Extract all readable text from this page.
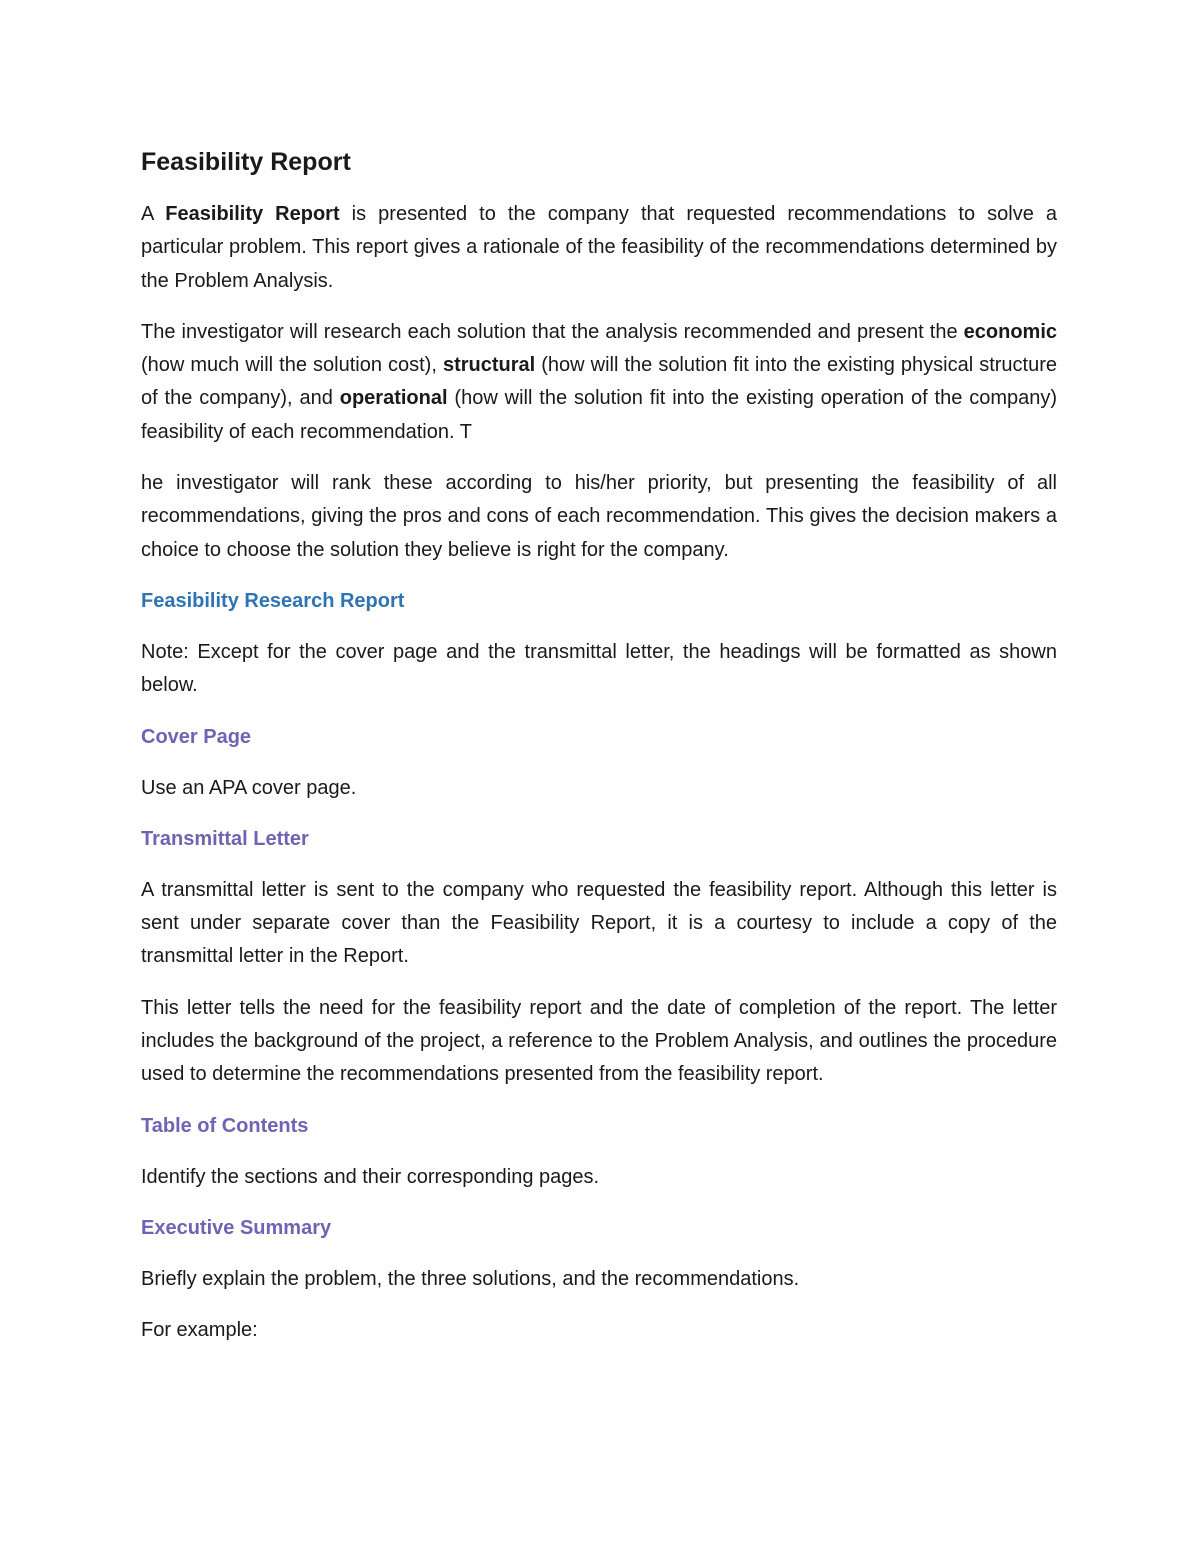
Feasibility Report

A Feasibility Report is presented to the company that requested recommendations to solve a particular problem. This report gives a rationale of the feasibility of the recommendations determined by the Problem Analysis.

The investigator will research each solution that the analysis recommended and present the economic (how much will the solution cost), structural (how will the solution fit into the existing physical structure of the company), and operational (how will the solution fit into the existing operation of the company) feasibility of each recommendation. T

he investigator will rank these according to his/her priority, but presenting the feasibility of all recommendations, giving the pros and cons of each recommendation. This gives the decision makers a choice to choose the solution they believe is right for the company.

Feasibility Research Report

Note: Except for the cover page and the transmittal letter, the headings will be formatted as shown below.

Cover Page

Use an APA cover page.

Transmittal Letter

A transmittal letter is sent to the company who requested the feasibility report. Although this letter is sent under separate cover than the Feasibility Report, it is a courtesy to include a copy of the transmittal letter in the Report.

This letter tells the need for the feasibility report and the date of completion of the report. The letter includes the background of the project, a reference to the Problem Analysis, and outlines the procedure used to determine the recommendations presented from the feasibility report.

Table of Contents

Identify the sections and their corresponding pages.

Executive Summary

Briefly explain the problem, the three solutions, and the recommendations.

For example:
